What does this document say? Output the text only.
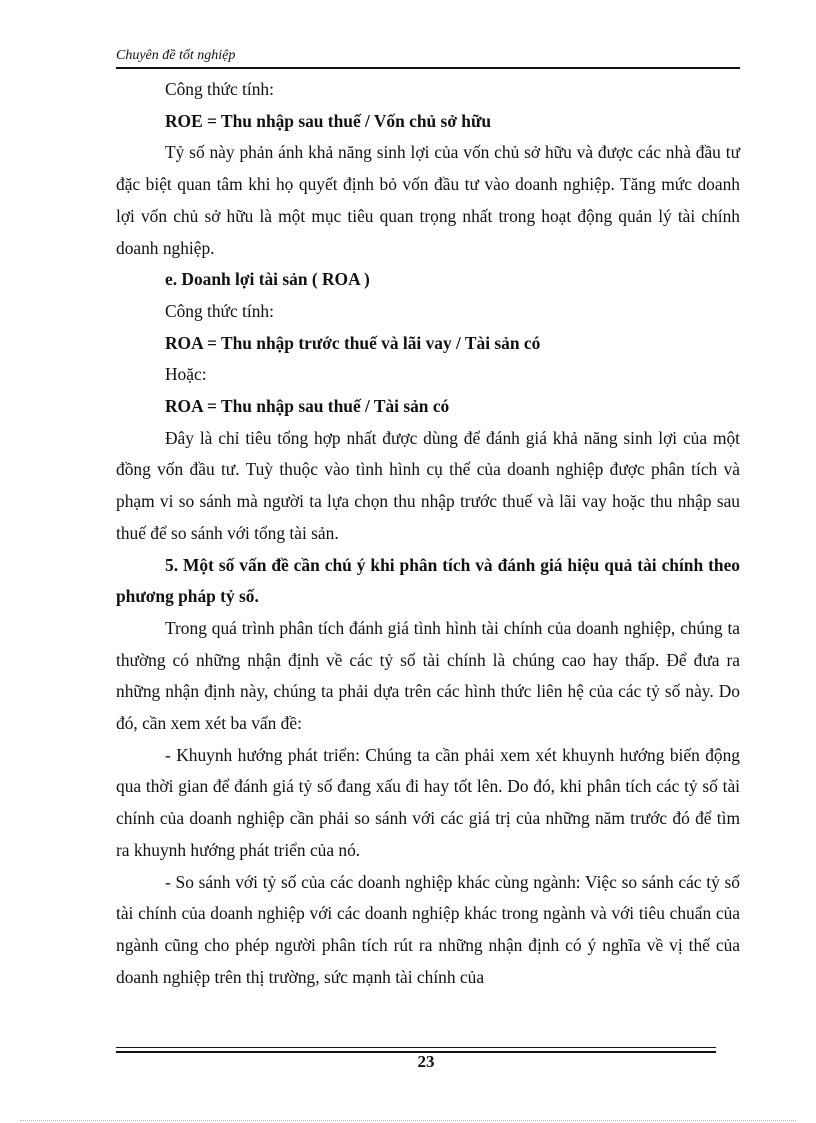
Chuyên đề tốt nghiệp

Công thức tính:

ROE = Thu nhập sau thuế / Vốn chủ sở hữu

Tỷ số này phản ánh khả năng sinh lợi của vốn chủ sở hữu và được các nhà đầu tư đặc biệt quan tâm khi họ quyết định bỏ vốn đầu tư vào doanh nghiệp. Tăng mức doanh lợi vốn chủ sở hữu là một mục tiêu quan trọng nhất trong hoạt động quản lý tài chính doanh nghiệp.

e. Doanh lợi tài sản ( ROA )

Công thức tính:

ROA = Thu nhập trước thuế và lãi vay / Tài sản có

Hoặc:

ROA = Thu nhập sau thuế / Tài sản có

Đây là chỉ tiêu tổng hợp nhất được dùng để đánh giá khả năng sinh lợi của một đồng vốn đầu tư. Tuỳ thuộc vào tình hình cụ thể của doanh nghiệp được phân tích và phạm vi so sánh mà người ta lựa chọn thu nhập trước thuế và lãi vay hoặc thu nhập sau thuế để so sánh với tổng tài sản.

5. Một số vấn đề cần chú ý khi phân tích và đánh giá hiệu quả tài chính theo phương pháp tỷ số.

Trong quá trình phân tích đánh giá tình hình tài chính của doanh nghiệp, chúng ta thường có những nhận định về các tỷ số tài chính là chúng cao hay thấp. Để đưa ra những nhận định này, chúng ta phải dựa trên các hình thức liên hệ của các tỷ số này. Do đó, cần xem xét ba vấn đề:

- Khuynh hướng phát triển: Chúng ta cần phải xem xét khuynh hướng biến động qua thời gian để đánh giá tỷ số đang xấu đi hay tốt lên. Do đó, khi phân tích các tỷ số tài chính của doanh nghiệp cần phải so sánh với các giá trị của những năm trước đó để tìm ra khuynh hướng phát triển của nó.

- So sánh với tỷ số của các doanh nghiệp khác cùng ngành: Việc so sánh các tỷ số tài chính của doanh nghiệp với các doanh nghiệp khác trong ngành và với tiêu chuẩn của ngành cũng cho phép người phân tích rút ra những nhận định có ý nghĩa về vị thế của doanh nghiệp trên thị trường, sức mạnh tài chính của

23
